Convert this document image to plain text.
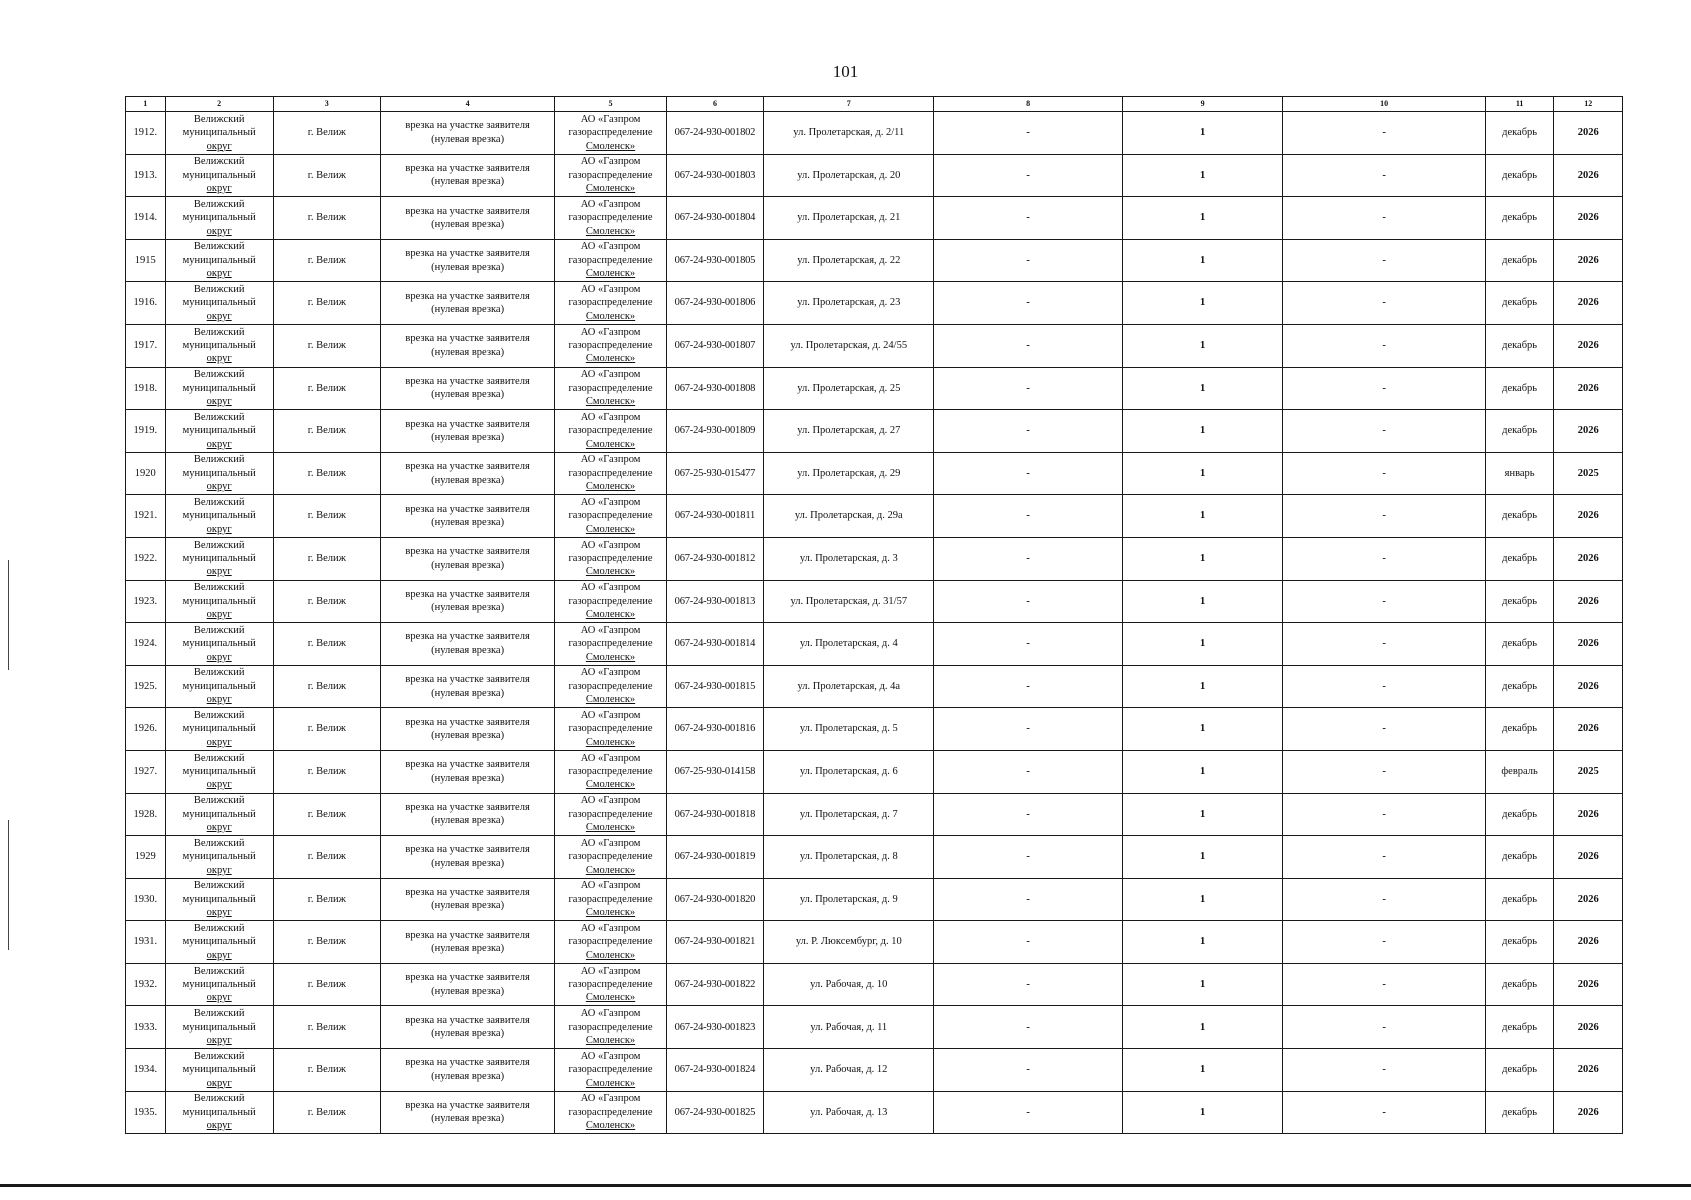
101
1	2	3	4	5	6	7	8	9	10	11	12
1912.	Велижский
муниципальный
округ	г. Велиж	врезка на участке заявителя
(нулевая врезка)	АО «Газпром
газораспределение
Смоленск»	067-24-930-001802	ул. Пролетарская, д. 2/11	-	1	-	декабрь	2026
1913.	Велижский
муниципальный
округ	г. Велиж	врезка на участке заявителя
(нулевая врезка)	АО «Газпром
газораспределение
Смоленск»	067-24-930-001803	ул. Пролетарская, д. 20	-	1	-	декабрь	2026
1914.	Велижский
муниципальный
округ	г. Велиж	врезка на участке заявителя
(нулевая врезка)	АО «Газпром
газораспределение
Смоленск»	067-24-930-001804	ул. Пролетарская, д. 21	-	1	-	декабрь	2026
1915	Велижский
муниципальный
округ	г. Велиж	врезка на участке заявителя
(нулевая врезка)	АО «Газпром
газораспределение
Смоленск»	067-24-930-001805	ул. Пролетарская, д. 22	-	1	-	декабрь	2026
1916.	Велижский
муниципальный
округ	г. Велиж	врезка на участке заявителя
(нулевая врезка)	АО «Газпром
газораспределение
Смоленск»	067-24-930-001806	ул. Пролетарская, д. 23	-	1	-	декабрь	2026
1917.	Велижский
муниципальный
округ	г. Велиж	врезка на участке заявителя
(нулевая врезка)	АО «Газпром
газораспределение
Смоленск»	067-24-930-001807	ул. Пролетарская, д. 24/55	-	1	-	декабрь	2026
1918.	Велижский
муниципальный
округ	г. Велиж	врезка на участке заявителя
(нулевая врезка)	АО «Газпром
газораспределение
Смоленск»	067-24-930-001808	ул. Пролетарская, д. 25	-	1	-	декабрь	2026
1919.	Велижский
муниципальный
округ	г. Велиж	врезка на участке заявителя
(нулевая врезка)	АО «Газпром
газораспределение
Смоленск»	067-24-930-001809	ул. Пролетарская, д. 27	-	1	-	декабрь	2026
1920	Велижский
муниципальный
округ	г. Велиж	врезка на участке заявителя
(нулевая врезка)	АО «Газпром
газораспределение
Смоленск»	067-25-930-015477	ул. Пролетарская, д. 29	-	1	-	январь	2025
1921.	Велижский
муниципальный
округ	г. Велиж	врезка на участке заявителя
(нулевая врезка)	АО «Газпром
газораспределение
Смоленск»	067-24-930-001811	ул. Пролетарская, д. 29а	-	1	-	декабрь	2026
1922.	Велижский
муниципальный
округ	г. Велиж	врезка на участке заявителя
(нулевая врезка)	АО «Газпром
газораспределение
Смоленск»	067-24-930-001812	ул. Пролетарская, д. 3	-	1	-	декабрь	2026
1923.	Велижский
муниципальный
округ	г. Велиж	врезка на участке заявителя
(нулевая врезка)	АО «Газпром
газораспределение
Смоленск»	067-24-930-001813	ул. Пролетарская, д. 31/57	-	1	-	декабрь	2026
1924.	Велижский
муниципальный
округ	г. Велиж	врезка на участке заявителя
(нулевая врезка)	АО «Газпром
газораспределение
Смоленск»	067-24-930-001814	ул. Пролетарская, д. 4	-	1	-	декабрь	2026
1925.	Велижский
муниципальный
округ	г. Велиж	врезка на участке заявителя
(нулевая врезка)	АО «Газпром
газораспределение
Смоленск»	067-24-930-001815	ул. Пролетарская, д. 4а	-	1	-	декабрь	2026
1926.	Велижский
муниципальный
округ	г. Велиж	врезка на участке заявителя
(нулевая врезка)	АО «Газпром
газораспределение
Смоленск»	067-24-930-001816	ул. Пролетарская, д. 5	-	1	-	декабрь	2026
1927.	Велижский
муниципальный
округ	г. Велиж	врезка на участке заявителя
(нулевая врезка)	АО «Газпром
газораспределение
Смоленск»	067-25-930-014158	ул. Пролетарская, д. 6	-	1	-	февраль	2025
1928.	Велижский
муниципальный
округ	г. Велиж	врезка на участке заявителя
(нулевая врезка)	АО «Газпром
газораспределение
Смоленск»	067-24-930-001818	ул. Пролетарская, д. 7	-	1	-	декабрь	2026
1929	Велижский
муниципальный
округ	г. Велиж	врезка на участке заявителя
(нулевая врезка)	АО «Газпром
газораспределение
Смоленск»	067-24-930-001819	ул. Пролетарская, д. 8	-	1	-	декабрь	2026
1930.	Велижский
муниципальный
округ	г. Велиж	врезка на участке заявителя
(нулевая врезка)	АО «Газпром
газораспределение
Смоленск»	067-24-930-001820	ул. Пролетарская, д. 9	-	1	-	декабрь	2026
1931.	Велижский
муниципальный
округ	г. Велиж	врезка на участке заявителя
(нулевая врезка)	АО «Газпром
газораспределение
Смоленск»	067-24-930-001821	ул. Р. Люксембург, д. 10	-	1	-	декабрь	2026
1932.	Велижский
муниципальный
округ	г. Велиж	врезка на участке заявителя
(нулевая врезка)	АО «Газпром
газораспределение
Смоленск»	067-24-930-001822	ул. Рабочая, д. 10	-	1	-	декабрь	2026
1933.	Велижский
муниципальный
округ	г. Велиж	врезка на участке заявителя
(нулевая врезка)	АО «Газпром
газораспределение
Смоленск»	067-24-930-001823	ул. Рабочая, д. 11	-	1	-	декабрь	2026
1934.	Велижский
муниципальный
округ	г. Велиж	врезка на участке заявителя
(нулевая врезка)	АО «Газпром
газораспределение
Смоленск»	067-24-930-001824	ул. Рабочая, д. 12	-	1	-	декабрь	2026
1935.	Велижский
муниципальный
округ	г. Велиж	врезка на участке заявителя
(нулевая врезка)	АО «Газпром
газораспределение
Смоленск»	067-24-930-001825	ул. Рабочая, д. 13	-	1	-	декабрь	2026
